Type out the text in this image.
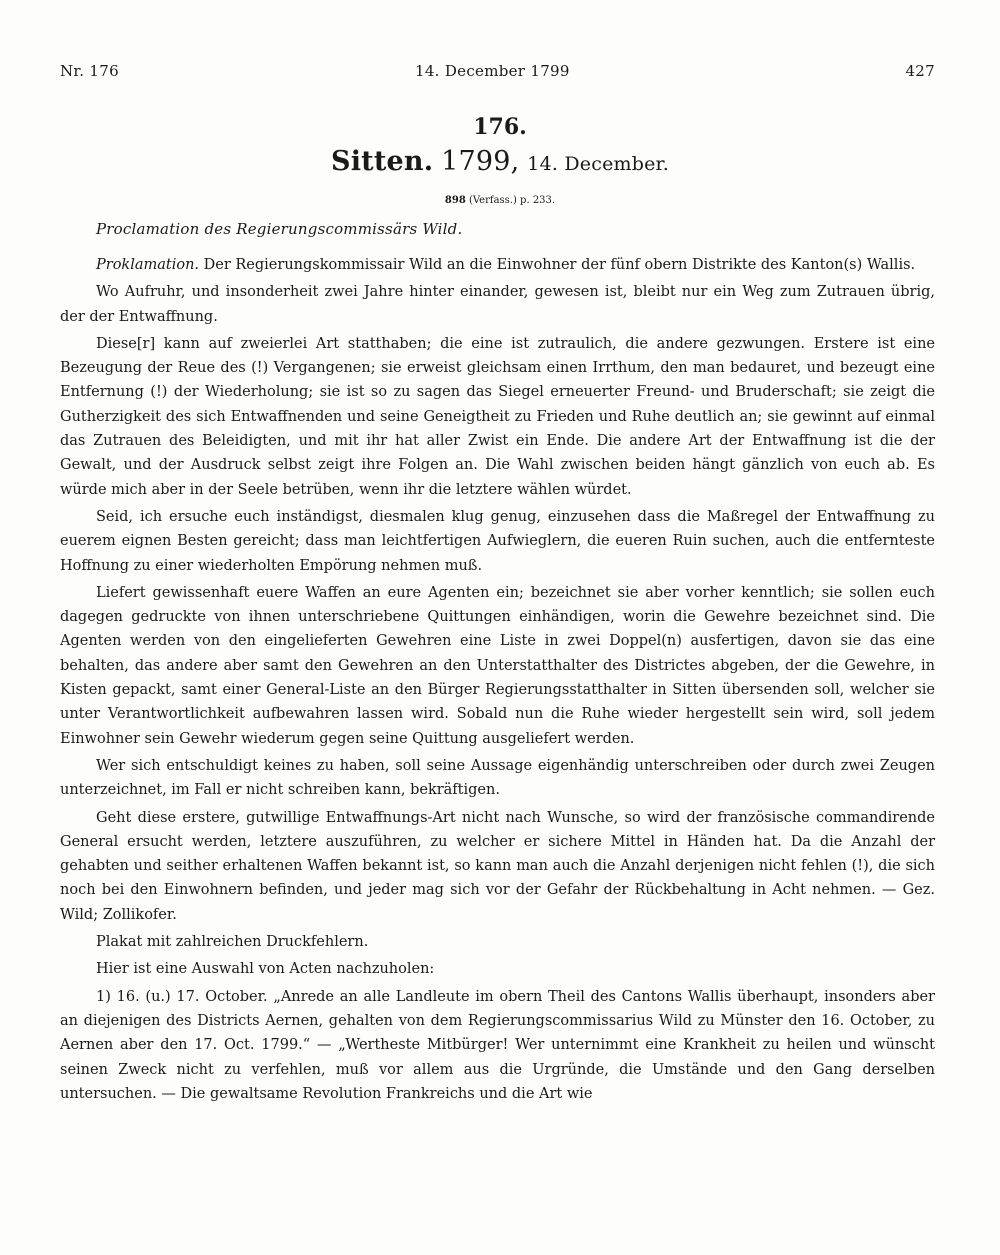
Nr. 176	14. December 1799	427
176.
Sitten. 1799, 14. December.
898 (Verfass.) p. 233.
Proclamation des Regierungscommissärs Wild.

Proklamation. Der Regierungskommissair Wild an die Einwohner der fünf obern Distrikte des Kanton(s) Wallis.

Wo Aufruhr, und insonderheit zwei Jahre hinter einander, gewesen ist, bleibt nur ein Weg zum Zutrauen übrig, der der Entwaffnung.

Diese[r] kann auf zweierlei Art statthaben; die eine ist zutraulich, die andere gezwungen. Erstere ist eine Bezeugung der Reue des (!) Vergangenen; sie erweist gleichsam einen Irrthum, den man bedauret, und bezeugt eine Entfernung (!) der Wiederholung; sie ist so zu sagen das Siegel erneuerter Freund- und Bruderschaft; sie zeigt die Gutherzigkeit des sich Entwaffnenden und seine Geneigtheit zu Frieden und Ruhe deutlich an; sie gewinnt auf einmal das Zutrauen des Beleidigten, und mit ihr hat aller Zwist ein Ende. Die andere Art der Entwaffnung ist die der Gewalt, und der Ausdruck selbst zeigt ihre Folgen an. Die Wahl zwischen beiden hängt gänzlich von euch ab. Es würde mich aber in der Seele betrüben, wenn ihr die letztere wählen würdet.

Seid, ich ersuche euch inständigst, diesmalen klug genug, einzusehen dass die Maßregel der Entwaffnung zu euerem eignen Besten gereicht; dass man leichtfertigen Aufwieglern, die eueren Ruin suchen, auch die entfernteste Hoffnung zu einer wiederholten Empörung nehmen muß.

Liefert gewissenhaft euere Waffen an eure Agenten ein; bezeichnet sie aber vorher kenntlich; sie sollen euch dagegen gedruckte von ihnen unterschriebene Quittungen einhändigen, worin die Gewehre bezeichnet sind. Die Agenten werden von den eingelieferten Gewehren eine Liste in zwei Doppel(n) ausfertigen, davon sie das eine behalten, das andere aber samt den Gewehren an den Unterstatthalter des Districtes abgeben, der die Gewehre, in Kisten gepackt, samt einer General-Liste an den Bürger Regierungsstatthalter in Sitten übersenden soll, welcher sie unter Verantwortlichkeit aufbewahren lassen wird. Sobald nun die Ruhe wieder hergestellt sein wird, soll jedem Einwohner sein Gewehr wiederum gegen seine Quittung ausgeliefert werden.

Wer sich entschuldigt keines zu haben, soll seine Aussage eigenhändig unterschreiben oder durch zwei Zeugen unterzeichnet, im Fall er nicht schreiben kann, bekräftigen.

Geht diese erstere, gutwillige Entwaffnungs-Art nicht nach Wunsche, so wird der französische commandirende General ersucht werden, letztere auszuführen, zu welcher er sichere Mittel in Händen hat. Da die Anzahl der gehabten und seither erhaltenen Waffen bekannt ist, so kann man auch die Anzahl derjenigen nicht fehlen (!), die sich noch bei den Einwohnern befinden, und jeder mag sich vor der Gefahr der Rückbehaltung in Acht nehmen. — Gez. Wild; Zollikofer.

Plakat mit zahlreichen Druckfehlern.

Hier ist eine Auswahl von Acten nachzuholen:

1) 16. (u.) 17. October. „Anrede an alle Landleute im obern Theil des Cantons Wallis überhaupt, insonders aber an diejenigen des Districts Aernen, gehalten von dem Regierungscommissarius Wild zu Münster den 16. October, zu Aernen aber den 17. Oct. 1799.“ — „Wertheste Mitbürger! Wer unternimmt eine Krankheit zu heilen und wünscht seinen Zweck nicht zu verfehlen, muß vor allem aus die Urgründe, die Umstände und den Gang derselben untersuchen. — Die gewaltsame Revolution Frankreichs und die Art wie
